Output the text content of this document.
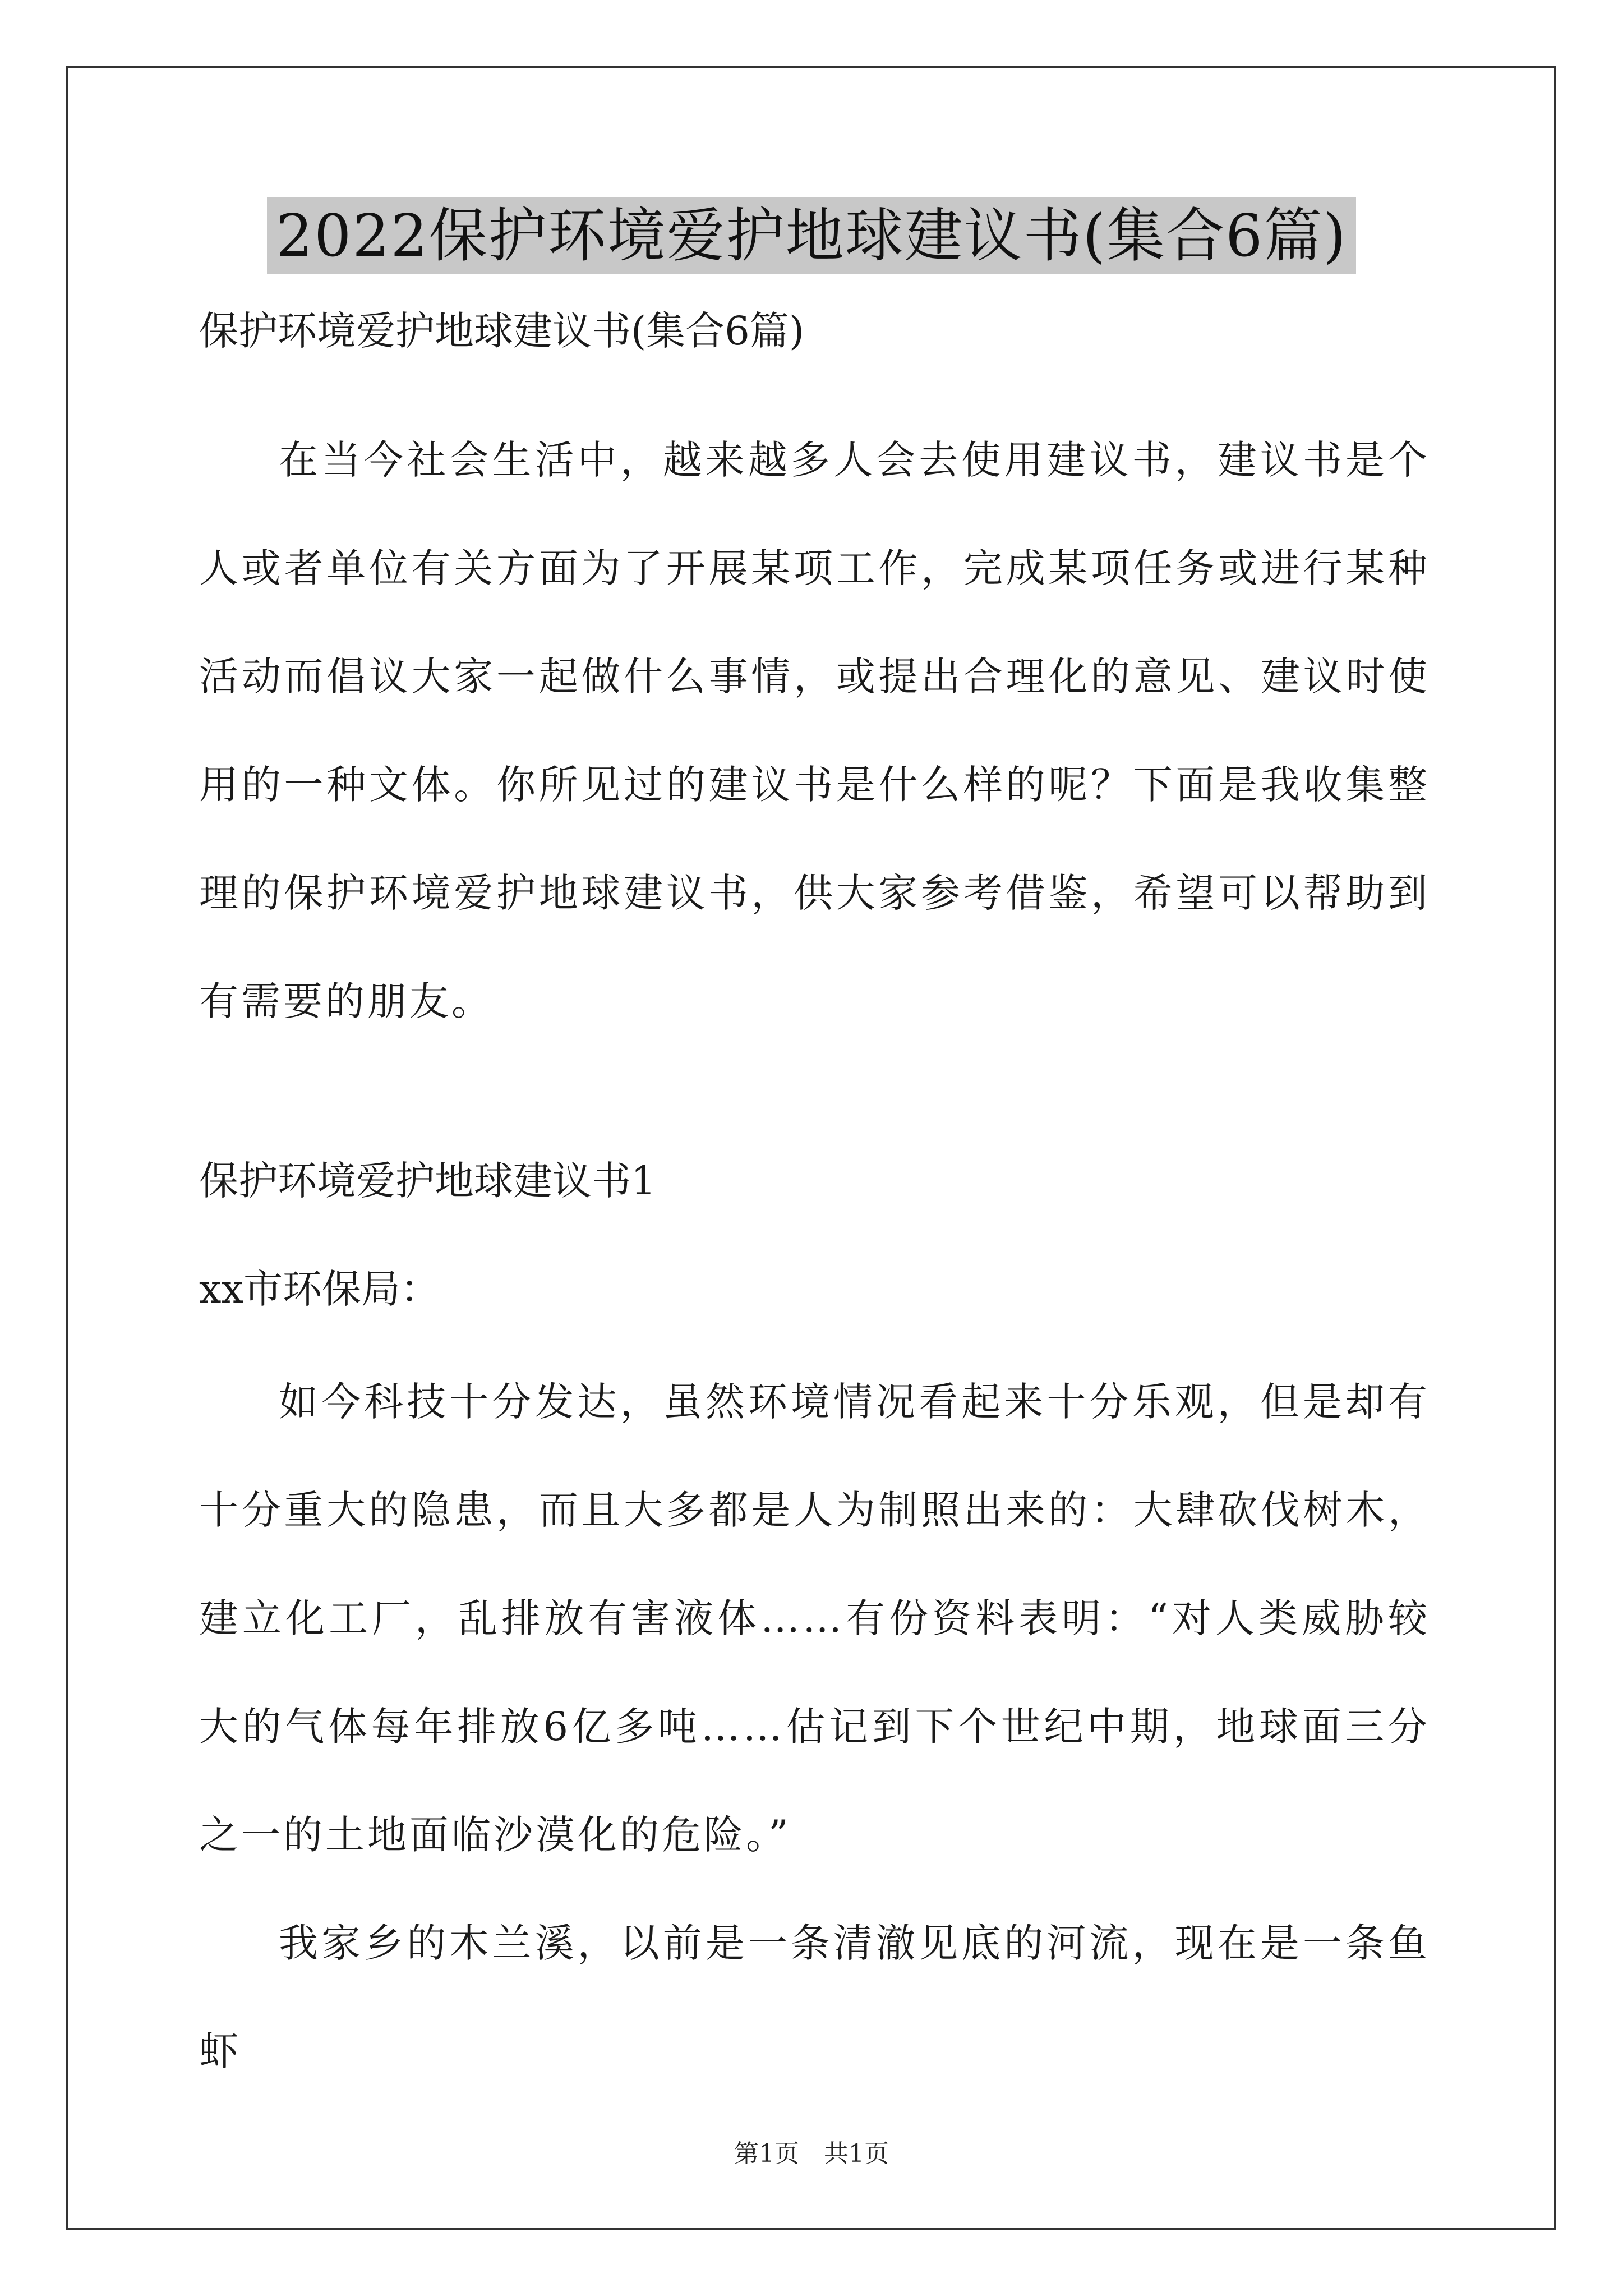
2022保护环境爱护地球建议书(集合6篇)

保护环境爱护地球建议书(集合6篇)

在当今社会生活中，越来越多人会去使用建议书，建议书是个人或者单位有关方面为了开展某项工作，完成某项任务或进行某种活动而倡议大家一起做什么事情，或提出合理化的意见、建议时使用的一种文体。你所见过的建议书是什么样的呢？下面是我收集整理的保护环境爱护地球建议书，供大家参考借鉴，希望可以帮助到有需要的朋友。

保护环境爱护地球建议书1

xx市环保局：

如今科技十分发达，虽然环境情况看起来十分乐观，但是却有十分重大的隐患，而且大多都是人为制照出来的：大肆砍伐树木，建立化工厂，乱排放有害液体……有份资料表明：“对人类威胁较大的气体每年排放6亿多吨……估记到下个世纪中期，地球面三分之一的土地面临沙漠化的危险。”

我家乡的木兰溪，以前是一条清澈见底的河流，现在是一条鱼虾

第1页　共1页
